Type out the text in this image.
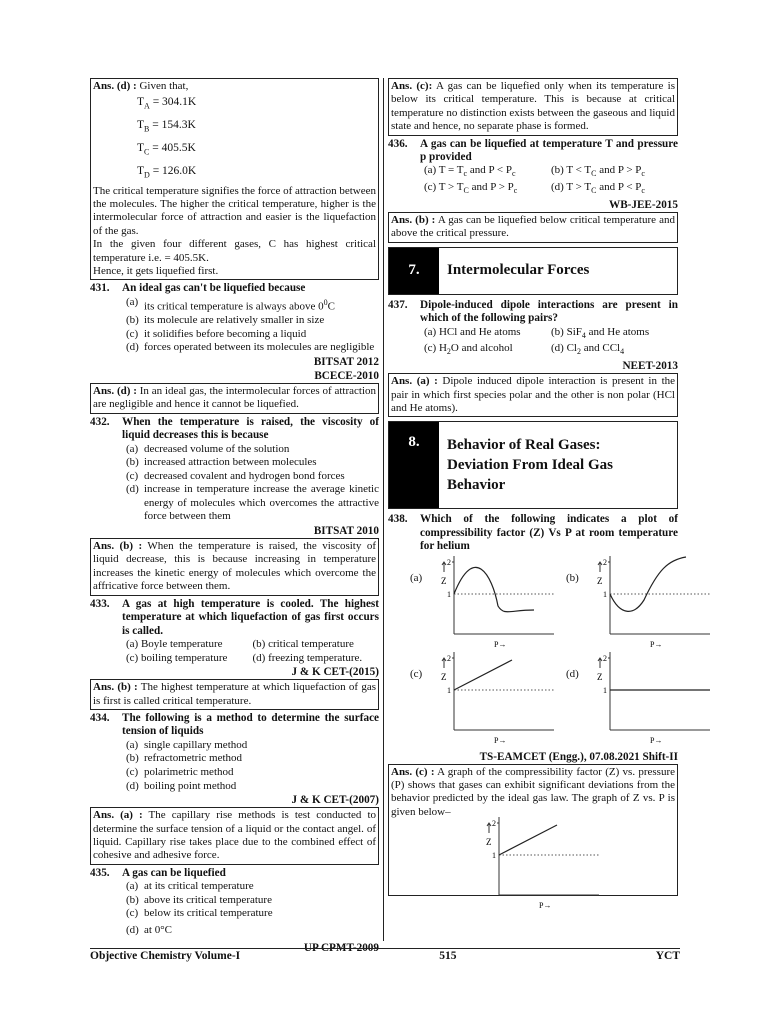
Ans. (d) : Given that,
$T_A = 304.1K$
$T_B = 154.3K$
$T_C = 405.5K$
$T_D = 126.0K$
The critical temperature signifies the force of attraction between the molecules. The higher the critical temperature, higher is the intermolecular force of attraction and easier is the liquefaction of the gas.
In the given four different gases, C has highest critical temperature i.e. = 405.5K.
Hence, it gets liquefied first.
431.	An ideal gas can't be liquefied because
(a) its critical temperature is always above $0^0C$
(b) its molecule are relatively smaller in size
(c) it solidifies before becoming a liquid
(d) forces operated between its molecules are negligible
BITSAT 2012
BCECE-2010
Ans. (d) : In an ideal gas, the intermolecular forces of attraction are negligible and hence it cannot be liquefied.
432.	When the temperature is raised, the viscosity of liquid decreases this is because
(a) decreased volume of the solution
(b) increased attraction between molecules
(c) decreased covalent and hydrogen bond forces
(d) increase in temperature increase the average kinetic energy of molecules which overcomes the attractive force between them
BITSAT 2010
Ans. (b) : When the temperature is raised, the viscosity of liquid decrease, this is because increasing in temperature increases the kinetic energy of molecules which overcome the affricative force between them.
433.	A gas at high temperature is cooled. The highest temperature at which liquefaction of gas first occurs is called.
(a) Boyle temperature	(b) critical temperature
(c) boiling temperature	(d) freezing temperature.
J & K CET-(2015)
Ans. (b) : The highest temperature at which liquefaction of gas is first is called critical temperature.
434.	The following is a method to determine the surface tension of liquids
(a) single capillary method
(b) refractometric method
(c) polarimetric method
(d) boiling point method
J & K CET-(2007)
Ans. (a) : The capillary rise methods is test conducted to determine the surface tension of a liquid or the contact angel. of liquid. Capillary rise takes place due to the combined effect of cohesive and adhesive force.
435.	A gas can be liquefied
(a) at its critical temperature
(b) above its critical temperature
(c) below its critical temperature
(d) at 0°C
UP CPMT-2009
Ans. (c): A gas can be liquefied only when its temperature is below its critical temperature. This is because at critical temperature no distinction exists between the gaseous and liquid state and hence, no separate phase is formed.
436.	A gas can be liquefied at temperature T and pressure p provided
(a) $T = T_c$ and $P < P_c$	(b) $T < T_C$ and $P > P_c$
(c) $T > T_C$ and $P > P_c$	(d) $T > T_C$ and $P < P_c$
WB-JEE-2015
Ans. (b) : A gas can be liquefied below critical temperature and above the critical pressure.
7.	Intermolecular Forces
437.	Dipole-induced dipole interactions are present in which of the following pairs?
(a) HCl and He atoms	(b) SiF$_4$ and He atoms
(c) $H_2O$ and alcohol	(d) $Cl_2$ and CCl$_4$
NEET-2013
Ans. (a) : Dipole induced dipole interaction is present in the pair in which first species polar and the other is non polar (HCl and He atoms).
8.	Behavior of Real Gases:
Deviation From Ideal Gas
Behavior
438.	Which of the following indicates a plot of compressibility factor (Z) Vs P at room temperature for helium
(a)
1
2
Z
P→
(b)
1
2
Z
P→
(c)
1
2
Z
P→
(d)
1
2
Z
P→
TS-EAMCET (Engg.), 07.08.2021 Shift-II
Ans. (c) : A graph of the compressibility factor (Z) vs. pressure (P) shows that gases can exhibit significant deviations from the behavior predicted by the ideal gas law. The graph of Z vs. P is given below–
1
2
Z
P→
Objective Chemistry Volume-I	515	YCT
